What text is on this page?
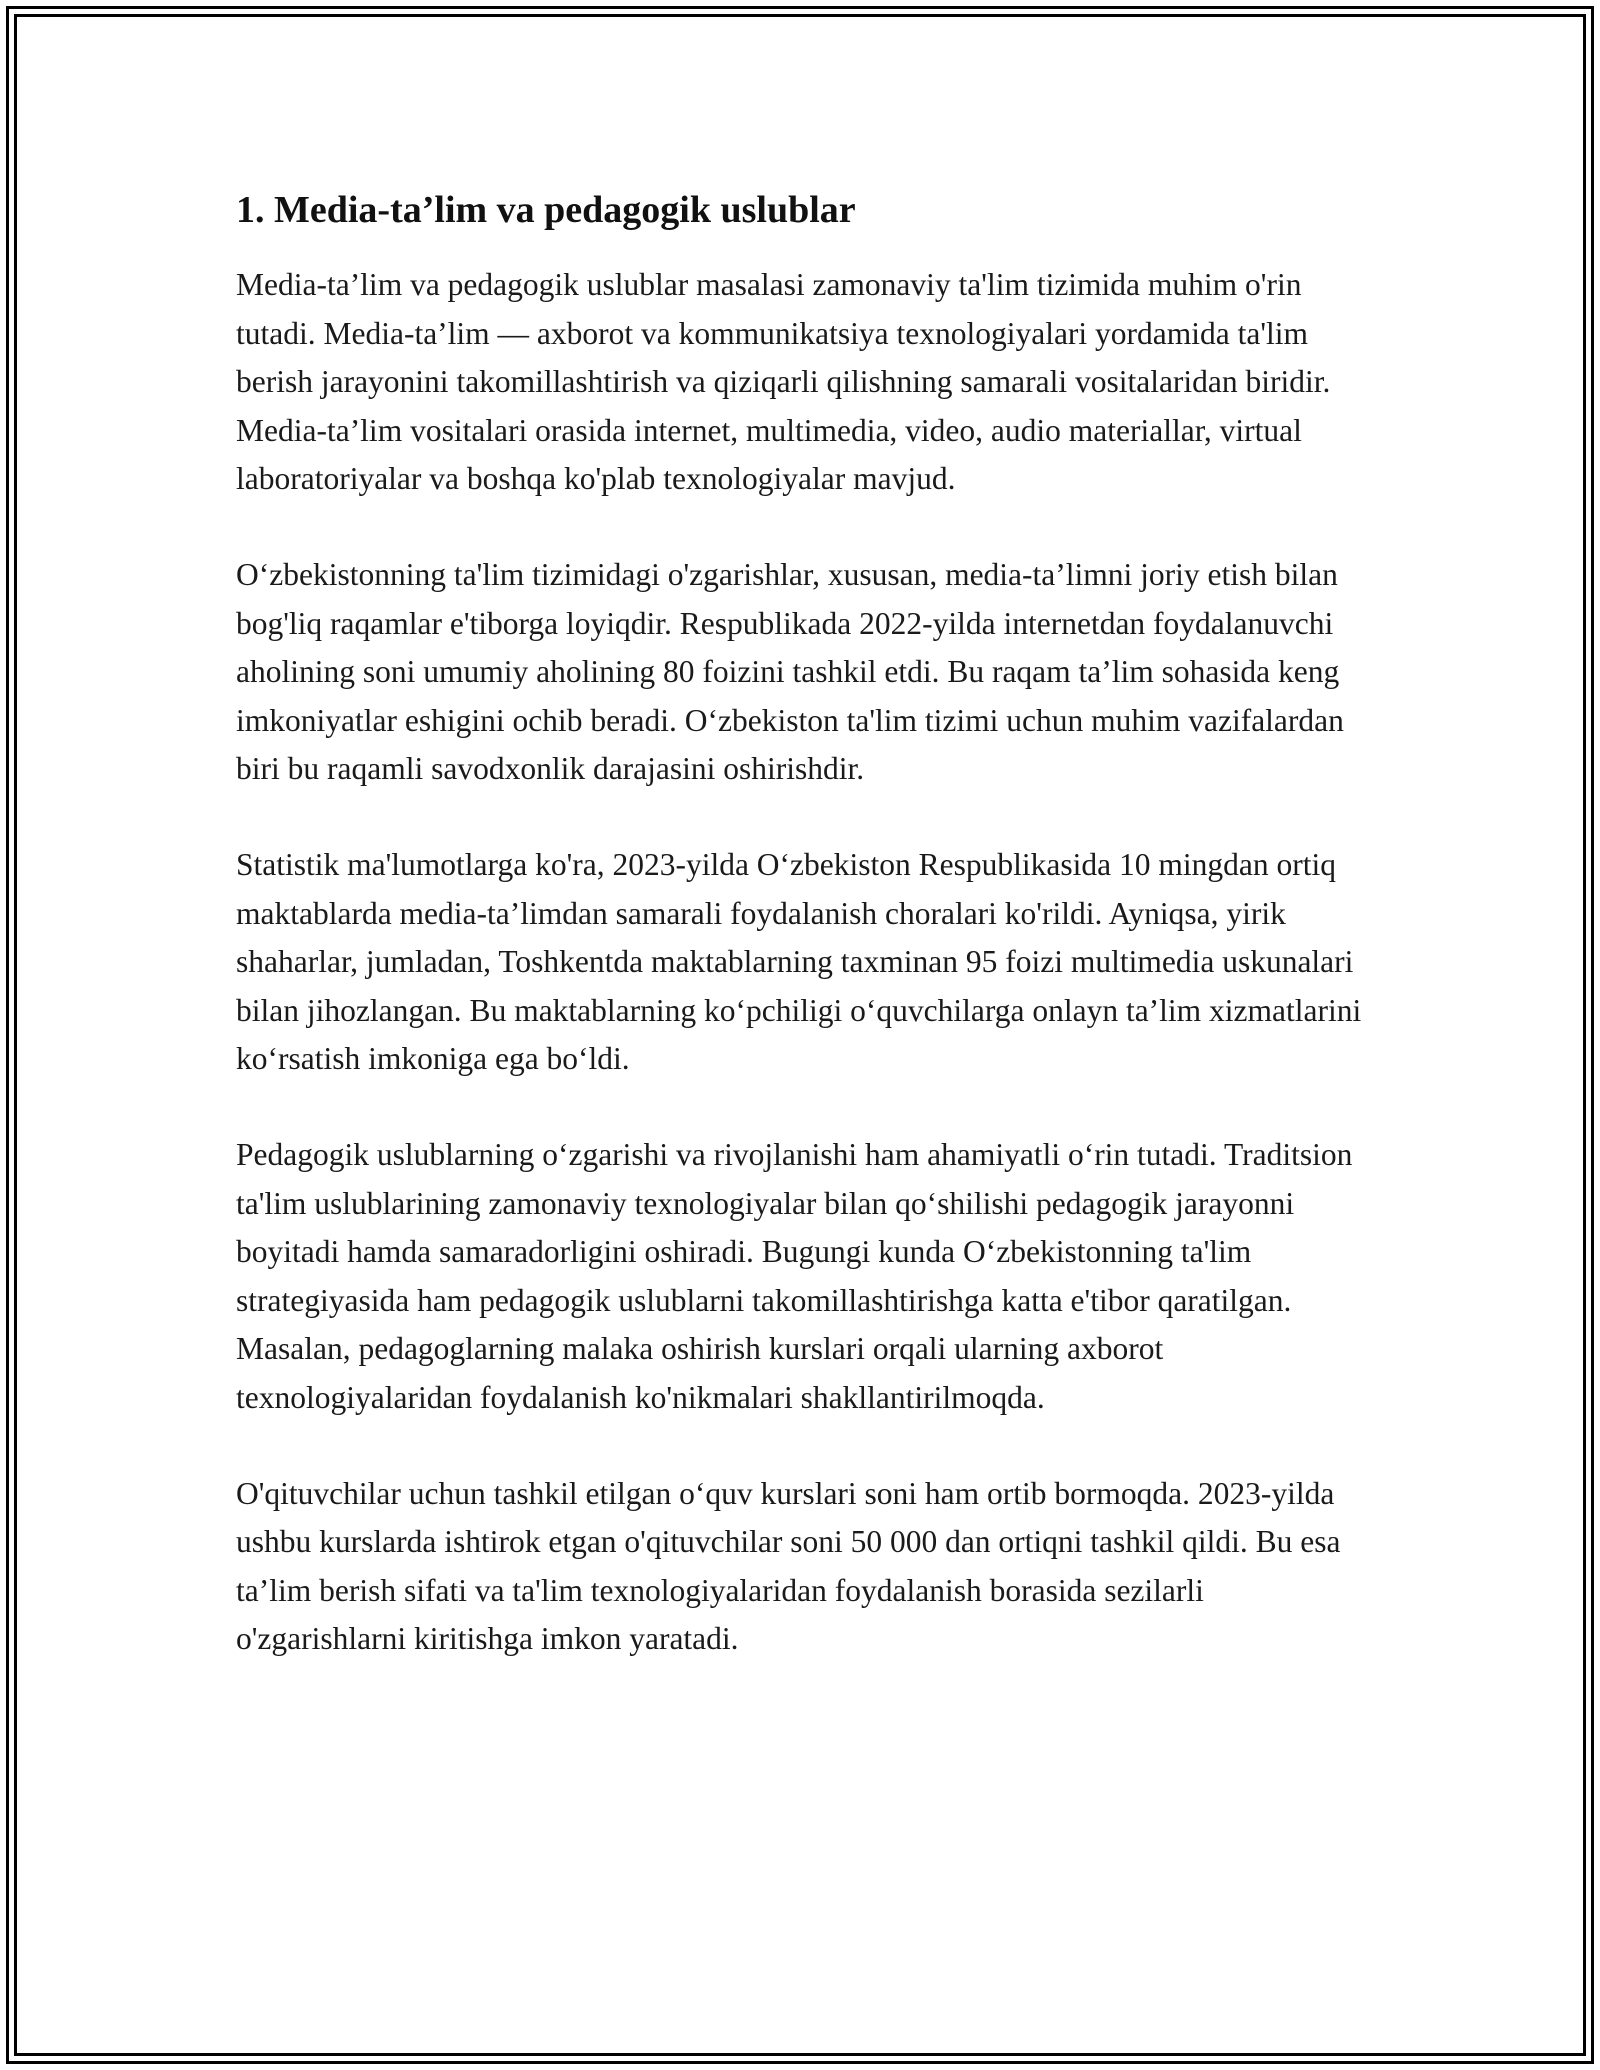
1. Media-ta’lim va pedagogik uslublar

Media-ta’lim va pedagogik uslublar masalasi zamonaviy ta'lim tizimida muhim o'rin tutadi. Media-ta’lim — axborot va kommunikatsiya texnologiyalari yordamida ta'lim berish jarayonini takomillashtirish va qiziqarli qilishning samarali vositalaridan biridir. Media-ta’lim vositalari orasida internet, multimedia, video, audio materiallar, virtual laboratoriyalar va boshqa ko'plab texnologiyalar mavjud.

O‘zbekistonning ta'lim tizimidagi o'zgarishlar, xususan, media-ta’limni joriy etish bilan bog'liq raqamlar e'tiborga loyiqdir. Respublikada 2022-yilda internetdan foydalanuvchi aholining soni umumiy aholining 80 foizini tashkil etdi. Bu raqam ta’lim sohasida keng imkoniyatlar eshigini ochib beradi. O‘zbekiston ta'lim tizimi uchun muhim vazifalardan biri bu raqamli savodxonlik darajasini oshirishdir.

Statistik ma'lumotlarga ko'ra, 2023-yilda O‘zbekiston Respublikasida 10 mingdan ortiq maktablarda media-ta’limdan samarali foydalanish choralari ko'rildi. Ayniqsa, yirik shaharlar, jumladan, Toshkentda maktablarning taxminan 95 foizi multimedia uskunalari bilan jihozlangan. Bu maktablarning ko‘pchiligi o‘quvchilarga onlayn ta’lim xizmatlarini ko‘rsatish imkoniga ega bo‘ldi.

Pedagogik uslublarning o‘zgarishi va rivojlanishi ham ahamiyatli o‘rin tutadi. Traditsion ta'lim uslublarining zamonaviy texnologiyalar bilan qo‘shilishi pedagogik jarayonni boyitadi hamda samaradorligini oshiradi. Bugungi kunda O‘zbekistonning ta'lim strategiyasida ham pedagogik uslublarni takomillashtirishga katta e'tibor qaratilgan. Masalan, pedagoglarning malaka oshirish kurslari orqali ularning axborot texnologiyalaridan foydalanish ko'nikmalari shakllantirilmoqda.

O'qituvchilar uchun tashkil etilgan o‘quv kurslari soni ham ortib bormoqda. 2023-yilda ushbu kurslarda ishtirok etgan o'qituvchilar soni 50 000 dan ortiqni tashkil qildi. Bu esa ta’lim berish sifati va ta'lim texnologiyalaridan foydalanish borasida sezilarli o'zgarishlarni kiritishga imkon yaratadi.
